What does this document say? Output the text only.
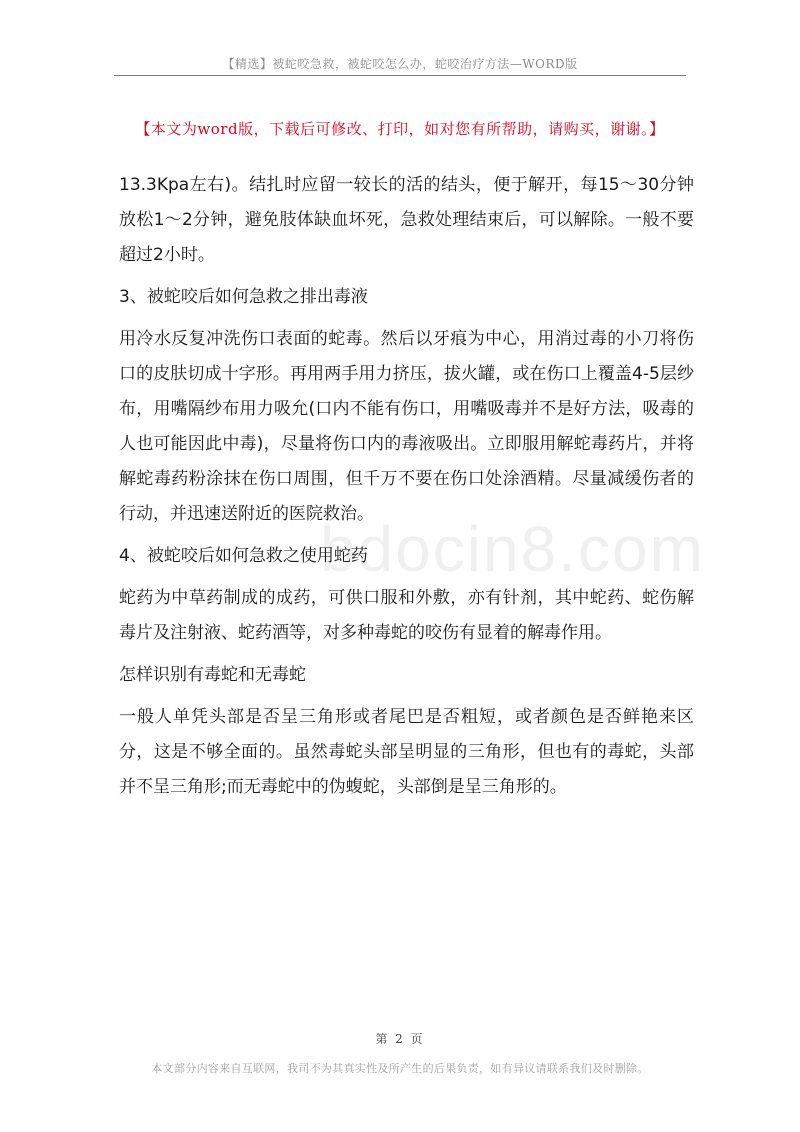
【精选】被蛇咬急救，被蛇咬怎么办，蛇咬治疗方法—WORD版
【本文为word版，下载后可修改、打印，如对您有所帮助，请购买，谢谢。】
bdocin8.com

13.3Kpa左右)。结扎时应留一较长的活的结头，便于解开，每15～30分钟放松1～2分钟，避免肢体缺血坏死，急救处理结束后，可以解除。一般不要超过2小时。

3、被蛇咬后如何急救之排出毒液

用冷水反复冲洗伤口表面的蛇毒。然后以牙痕为中心，用消过毒的小刀将伤口的皮肤切成十字形。再用两手用力挤压，拔火罐，或在伤口上覆盖4-5层纱布，用嘴隔纱布用力吸允(口内不能有伤口，用嘴吸毒并不是好方法，吸毒的人也可能因此中毒)，尽量将伤口内的毒液吸出。立即服用解蛇毒药片，并将解蛇毒药粉涂抹在伤口周围，但千万不要在伤口处涂酒精。尽量减缓伤者的行动，并迅速送附近的医院救治。

4、被蛇咬后如何急救之使用蛇药

蛇药为中草药制成的成药，可供口服和外敷，亦有针剂，其中蛇药、蛇伤解毒片及注射液、蛇药酒等，对多种毒蛇的咬伤有显着的解毒作用。

怎样识别有毒蛇和无毒蛇

一般人单凭头部是否呈三角形或者尾巴是否粗短，或者颜色是否鲜艳来区分，这是不够全面的。虽然毒蛇头部呈明显的三角形，但也有的毒蛇，头部并不呈三角形;而无毒蛇中的伪蝮蛇，头部倒是呈三角形的。

第 2 页
本文部分内容来自互联网，我司不为其真实性及所产生的后果负责，如有异议请联系我们及时删除。
